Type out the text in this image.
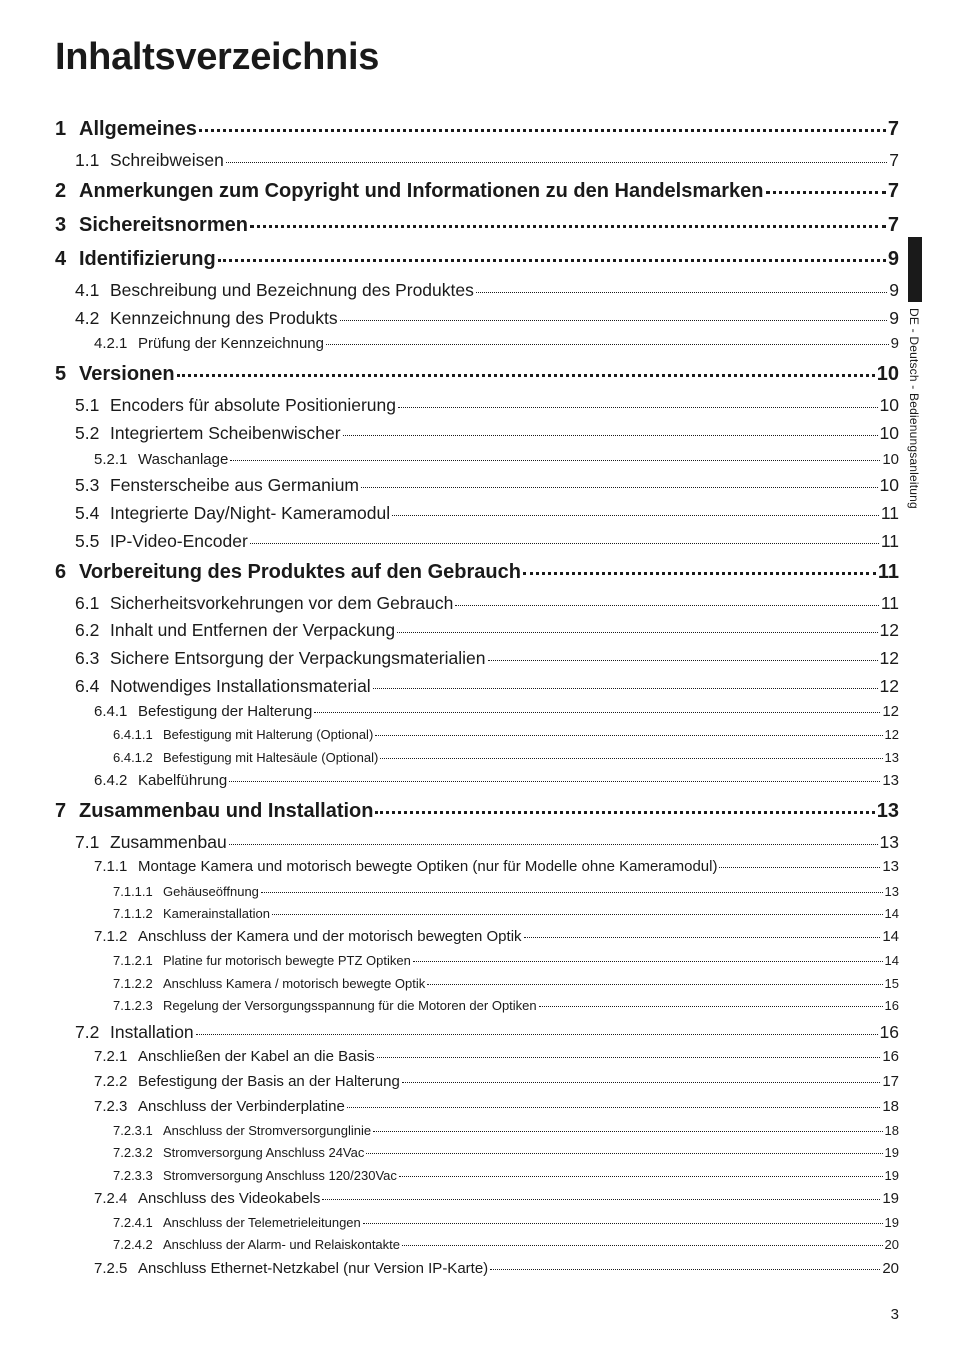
Inhaltsverzeichnis
1 Allgemeines	7
1.1 Schreibweisen	7
2 Anmerkungen zum Copyright und Informationen zu den Handelsmarken	7
3 Sichereitsnormen	7
4 Identifizierung	9
4.1 Beschreibung und Bezeichnung des Produktes	9
4.2 Kennzeichnung des Produkts	9
4.2.1 Prüfung der Kennzeichnung	9
5 Versionen	10
5.1 Encoders für absolute Positionierung	10
5.2 Integriertem Scheibenwischer	10
5.2.1 Waschanlage	10
5.3 Fensterscheibe aus Germanium	10
5.4 Integrierte Day/Night- Kameramodul	11
5.5 IP-Video-Encoder	11
6 Vorbereitung des Produktes auf den Gebrauch	11
6.1 Sicherheitsvorkehrungen vor dem Gebrauch	11
6.2 Inhalt und Entfernen der Verpackung	12
6.3 Sichere Entsorgung der Verpackungsmaterialien	12
6.4 Notwendiges Installationsmaterial	12
6.4.1 Befestigung der Halterung	12
6.4.1.1 Befestigung mit Halterung (Optional)	12
6.4.1.2 Befestigung mit Haltesäule (Optional)	13
6.4.2 Kabelführung	13
7 Zusammenbau und Installation	13
7.1 Zusammenbau	13
7.1.1 Montage Kamera und motorisch bewegte Optiken (nur für Modelle ohne Kameramodul)	13
7.1.1.1 Gehäuseöffnung	13
7.1.1.2 Kamerainstallation	14
7.1.2 Anschluss der Kamera und der motorisch bewegten Optik	14
7.1.2.1 Platine fur motorisch bewegte PTZ Optiken	14
7.1.2.2 Anschluss Kamera / motorisch bewegte Optik	15
7.1.2.3 Regelung der Versorgungsspannung für die Motoren der Optiken	16
7.2 Installation	16
7.2.1 Anschließen der Kabel an die Basis	16
7.2.2 Befestigung der Basis an der Halterung	17
7.2.3 Anschluss der Verbinderplatine	18
7.2.3.1 Anschluss der Stromversorgunglinie	18
7.2.3.2 Stromversorgung Anschluss 24Vac	19
7.2.3.3 Stromversorgung Anschluss 120/230Vac	19
7.2.4 Anschluss des Videokabels	19
7.2.4.1 Anschluss der Telemetrieleitungen	19
7.2.4.2 Anschluss der Alarm- und Relaiskontakte	20
7.2.5 Anschluss Ethernet-Netzkabel (nur Version IP-Karte)	20
DE - Deutsch - Bedienungsanleitung
3
